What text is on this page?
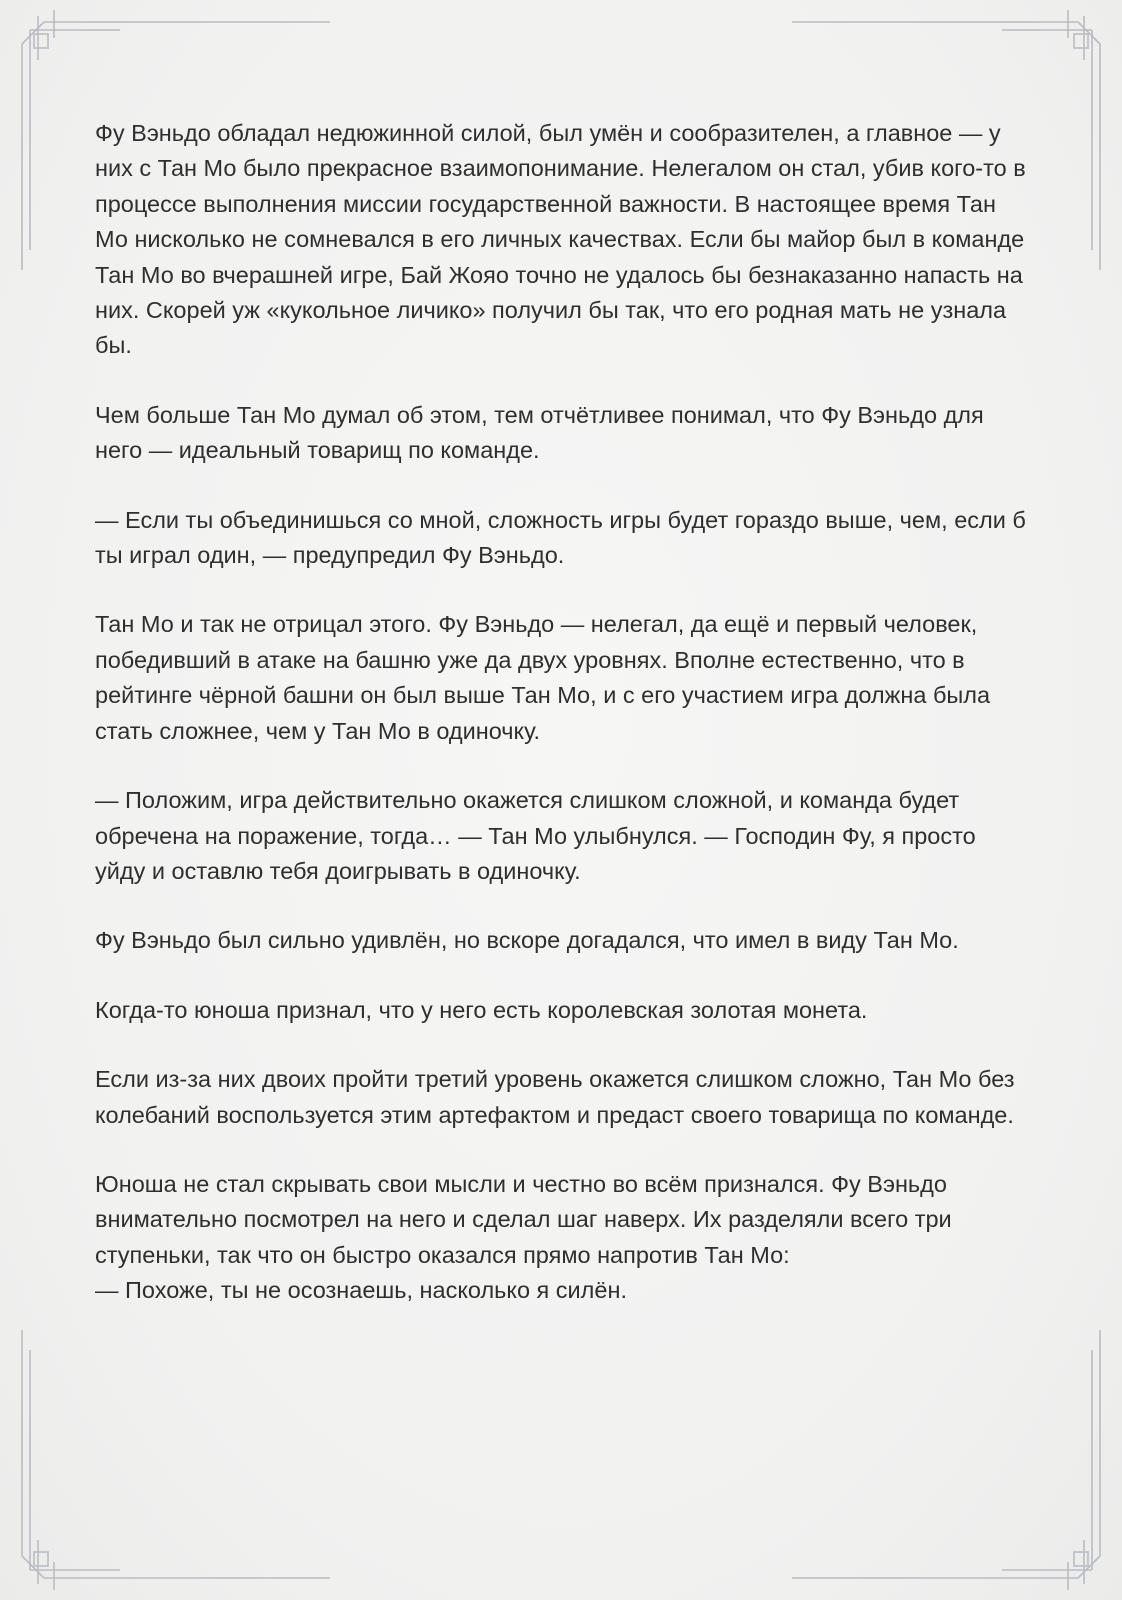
Фу Вэньдо обладал недюжинной силой, был умён и сообразителен, а главное — у них с Тан Мо было прекрасное взаимопонимание. Нелегалом он стал, убив кого-то в процессе выполнения миссии государственной важности. В настоящее время Тан Мо нисколько не сомневался в его личных качествах. Если бы майор был в команде Тан Мо во вчерашней игре, Бай Жояо точно не удалось бы безнаказанно напасть на них. Скорей уж «кукольное личико» получил бы так, что его родная мать не узнала бы.

Чем больше Тан Мо думал об этом, тем отчётливее понимал, что Фу Вэньдо для него — идеальный товарищ по команде.

— Если ты объединишься со мной, сложность игры будет гораздо выше, чем, если б ты играл один, — предупредил Фу Вэньдо.

Тан Мо и так не отрицал этого. Фу Вэньдо — нелегал, да ещё и первый человек, победивший в атаке на башню уже да двух уровнях. Вполне естественно, что в рейтинге чёрной башни он был выше Тан Мо, и с его участием игра должна была стать сложнее, чем у Тан Мо в одиночку.

— Положим, игра действительно окажется слишком сложной, и команда будет обречена на поражение, тогда… — Тан Мо улыбнулся. — Господин Фу, я просто уйду и оставлю тебя доигрывать в одиночку.

Фу Вэньдо был сильно удивлён, но вскоре догадался, что имел в виду Тан Мо.

Когда-то юноша признал, что у него есть королевская золотая монета.

Если из-за них двоих пройти третий уровень окажется слишком сложно, Тан Мо без колебаний воспользуется этим артефактом и предаст своего товарища по команде.

Юноша не стал скрывать свои мысли и честно во всём признался. Фу Вэньдо внимательно посмотрел на него и сделал шаг наверх. Их разделяли всего три ступеньки, так что он быстро оказался прямо напротив Тан Мо:
— Похоже, ты не осознаешь, насколько я силён.
